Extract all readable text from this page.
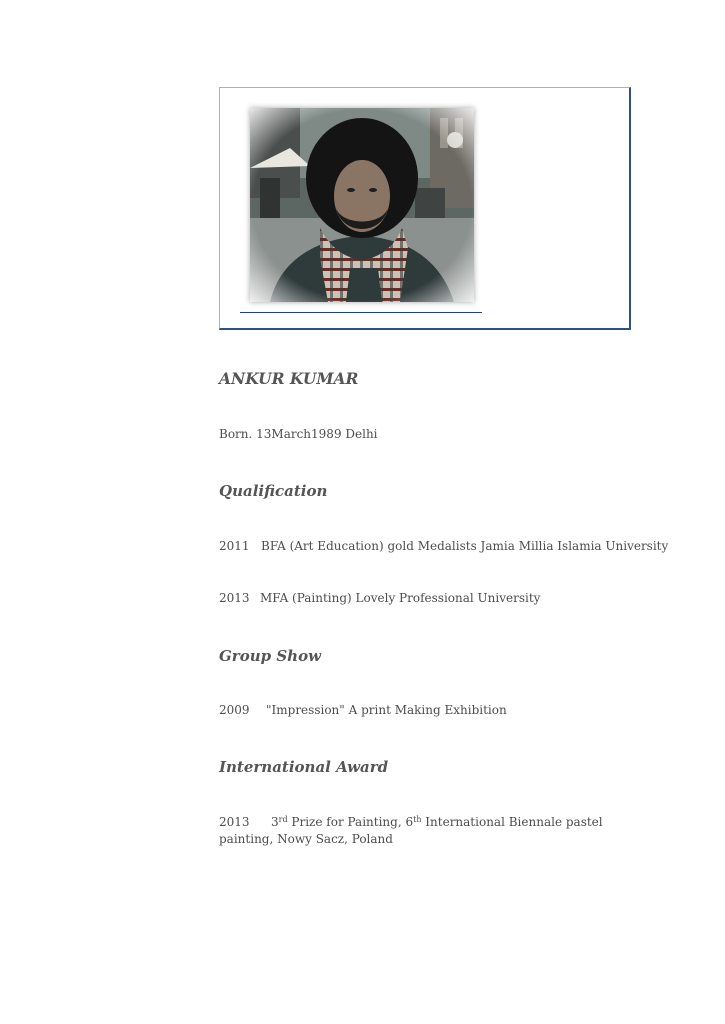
ANKUR KUMAR
Born. 13March1989 Delhi
Qualification
2011 BFA (Art Education) gold Medalists Jamia Millia Islamia University
2013 MFA (Painting) Lovely Professional University
Group Show
2009 "Impression" A print Making Exhibition
International Award
2013 3rd Prize for Painting, 6th International Biennale pastel painting, Nowy Sacz, Poland
